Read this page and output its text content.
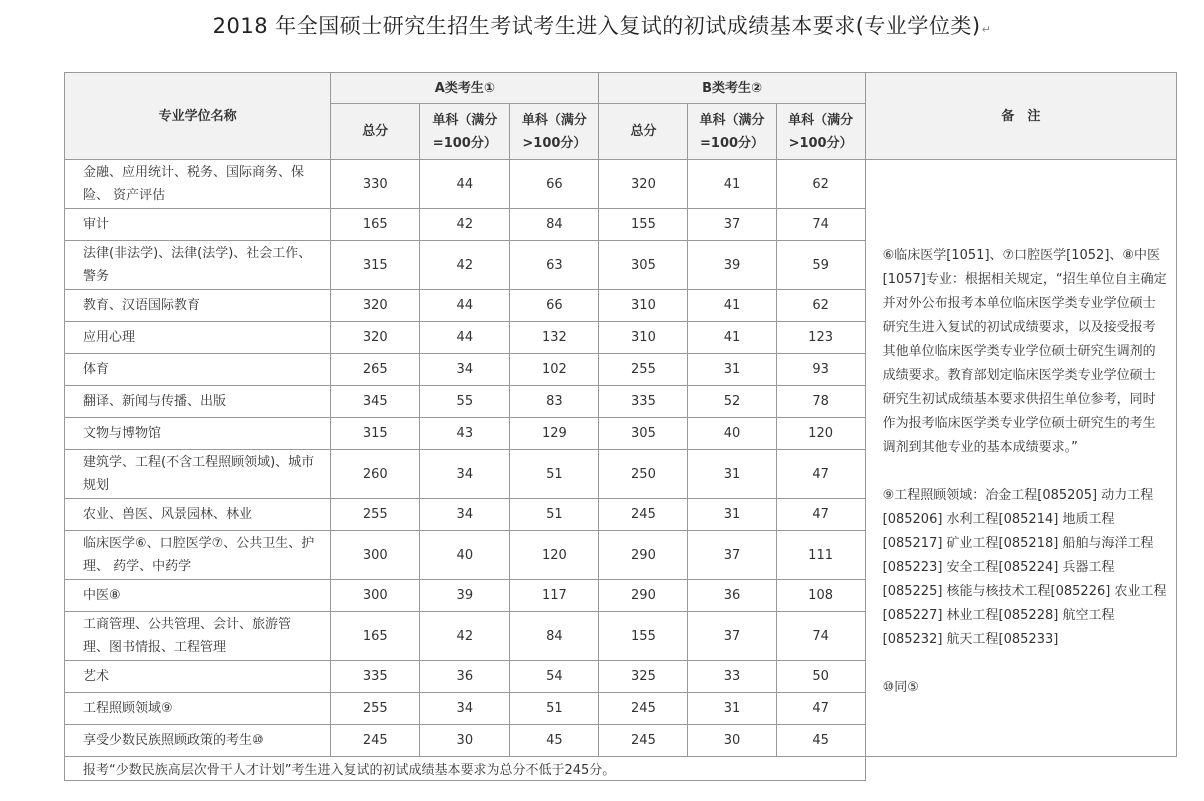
2018 年全国硕士研究生招生考试考生进入复试的初试成绩基本要求(专业学位类)↵
专业学位名称	A类考生①			B类考生②			备　注
	总分	单科（满分=100分）	单科（满分>100分）	总分	单科（满分=100分）	单科（满分>100分）	
金融、应用统计、税务、国际商务、保险、 资产评估	330	44	66	320	41	62	⑥临床医学[1051]、⑦口腔医学[1052]、⑧中医[1057]专业：根据相关规定，“招生单位自主确定并对外公布报考本单位临床医学类专业学位硕士研究生进入复试的初试成绩要求，以及接受报考其他单位临床医学类专业学位硕士研究生调剂的成绩要求。教育部划定临床医学类专业学位硕士研究生初试成绩基本要求供招生单位参考，同时作为报考临床医学类专业学位硕士研究生的考生调剂到其他专业的基本成绩要求。”

⑨工程照顾领域：冶金工程[085205] 动力工程[085206] 水利工程[085214] 地质工程[085217] 矿业工程[085218] 船舶与海洋工程[085223] 安全工程[085224] 兵器工程[085225] 核能与核技术工程[085226] 农业工程[085227] 林业工程[085228] 航空工程[085232] 航天工程[085233]

⑩同⑤

审计	165	42	84	155	37	74	
法律(非法学)、法律(法学)、社会工作、警务	315	42	63	305	39	59	
教育、汉语国际教育	320	44	66	310	41	62	
应用心理	320	44	132	310	41	123	
体育	265	34	102	255	31	93	
翻译、新闻与传播、出版	345	55	83	335	52	78	
文物与博物馆	315	43	129	305	40	120	
建筑学、工程(不含工程照顾领域)、城市规划	260	34	51	250	31	47	
农业、兽医、风景园林、林业	255	34	51	245	31	47	
临床医学⑥、口腔医学⑦、公共卫生、护理、 药学、中药学	300	40	120	290	37	111	
中医⑧	300	39	117	290	36	108	
工商管理、公共管理、会计、旅游管理、图书情报、工程管理	165	42	84	155	37	74	
艺术	335	36	54	325	33	50	
工程照顾领域⑨	255	34	51	245	31	47	
享受少数民族照顾政策的考生⑩	245	30	45	245	30	45	
报考“少数民族高层次骨干人才计划”考生进入复试的初试成绩基本要求为总分不低于245分。							
